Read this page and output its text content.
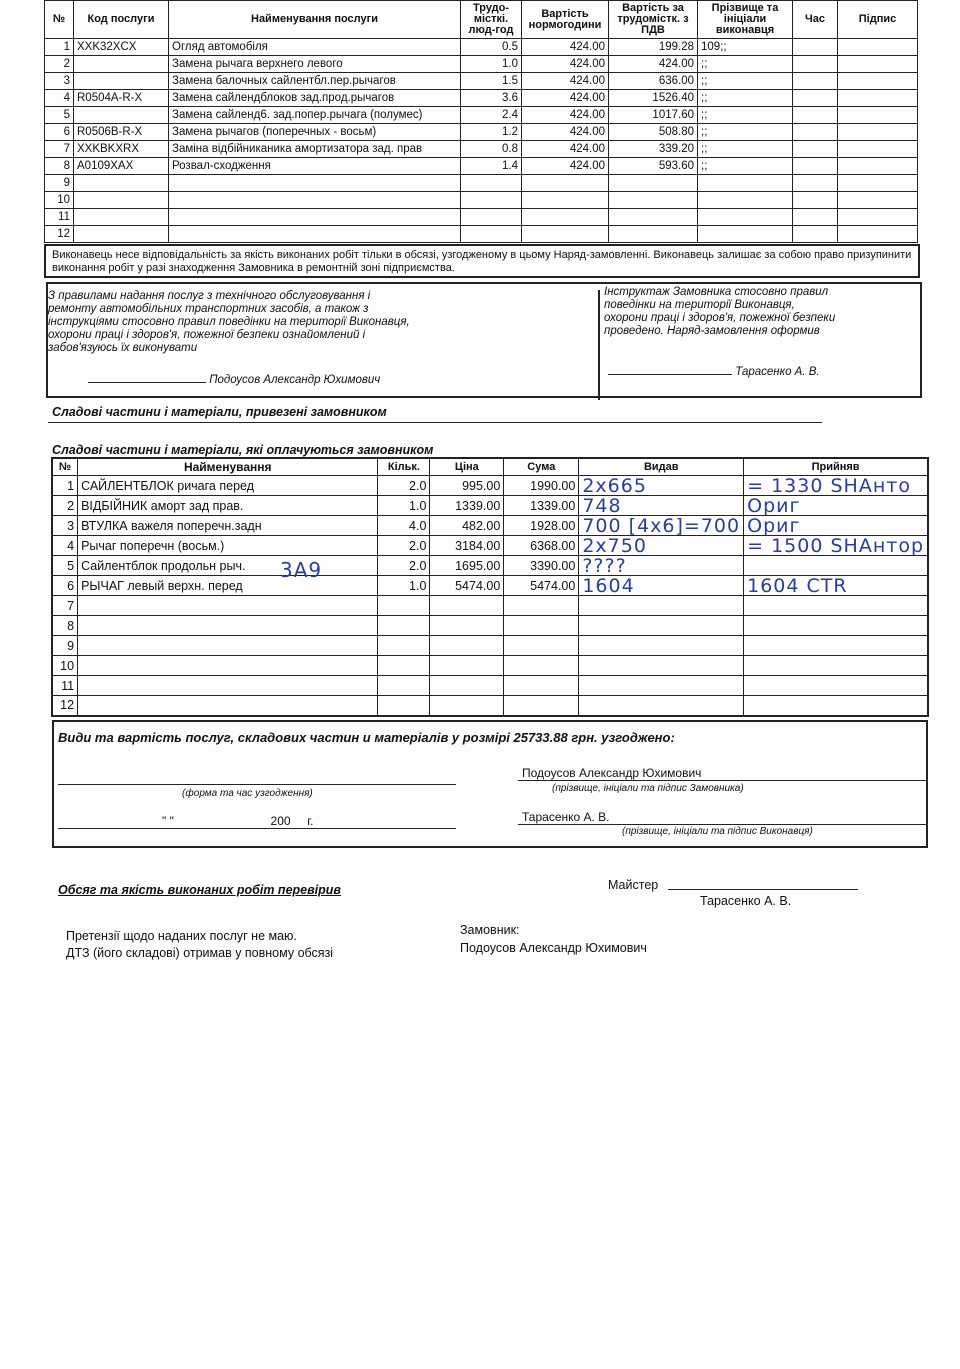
№	Код послуги	Найменування послуги	Трудо-місткі. люд-год	Вартість нормогодини	Вартість за трудомістк. з ПДВ	Прізвище та ініціали виконавця	Час	Підпис
1	XXK32XCX	Огляд автомобіля	0.5	424.00	199.28	109;;		
2		Замена рычага верхнего левого	1.0	424.00	424.00	;;		
3		Замена балочных сайлентбл.пер.рычагов	1.5	424.00	636.00	;;		
4	R0504A-R-X	Замена сайлендблоков зад.прод.рычагов	3.6	424.00	1526.40	;;		
5		Замена сайленд6. зад.попер.рычага (полумес)	2.4	424.00	1017.60	;;		
6	R0506B-R-X	Замена рычагов (поперечных - восьм)	1.2	424.00	508.80	;;		
7	XXKBKXRX	Заміна відбійниканика амортизатора зад. прав	0.8	424.00	339.20	;;		
8	A0109XAX	Розвал-сходження	1.4	424.00	593.60	;;		
9								
10								
11								
12								
Виконавець несе відповідальність за якість виконаних робіт тільки в обсязі, узгодженому в цьому Наряд-замовленні. Виконавець залишає за собою право призупинити виконання робіт у разі знаходження Замовника в ремонтній зоні підприємства.
З правилами надання послуг з технічного обслуговування і
ремонту автомобільних транспортних засобів, а також з
інструкціями стосовно правил поведінки на території Виконавця,
охорони праці і здоров'я, пожежної безпеки ознайомлений і
забов'язуюсь їх виконувати
Подоусов Александр Юхимович
Інструктаж Замовника стосовно правил
поведінки на території Виконавця,
охорони праці і здоров'я, пожежної безпеки
проведено. Наряд-замовлення оформив
Тарасенко А. В.
Сладові частини і матеріали, привезені замовником
Сладові частини і матеріали, які оплачуються замовником
№	Найменування	Кільк.	Ціна	Сума	Видав	Прийняв
1	САЙЛЕНТБЛОК ричага перед	2.0	995.00	1990.00	2х665	= 1330 SHАнто
2	ВІДБІЙНИК аморт зад прав.	1.0	1339.00	1339.00	748	Ориг
3	ВТУЛКА важеля поперечн.задн	4.0	482.00	1928.00	700 [4х6]=700	Ориг
4	Рычаг поперечн (восьм.)	2.0	3184.00	6368.00	2х750	= 1500 SHАнтор
5	Сайлентблок продольн рыч.	2.0	1695.00	3390.00	????	
6	РЫЧАГ левый верхн. перед	1.0	5474.00	5474.00	1604	1604 CTR
7						
8						
9						
10						
11						
12						
3А9
Види та вартість послуг, складових частин и матеріалів у розмірі 25733.88 грн. узгоджено:
(форма та час узгодження)
" "	200 г.
Подоусов Александр Юхимович
(прізвище, ініціали та підпис Замовника)
Тарасенко А. В.
(прізвище, ініціали та підпис Виконавця)
Обсяг та якість виконаних робіт перевірив	Майстер
Тарасенко А. В.
Претензії щодо наданих послуг не маю.
ДТЗ (його складові) отримав у повному обсязі
Замовник:
Подоусов Александр Юхимович
